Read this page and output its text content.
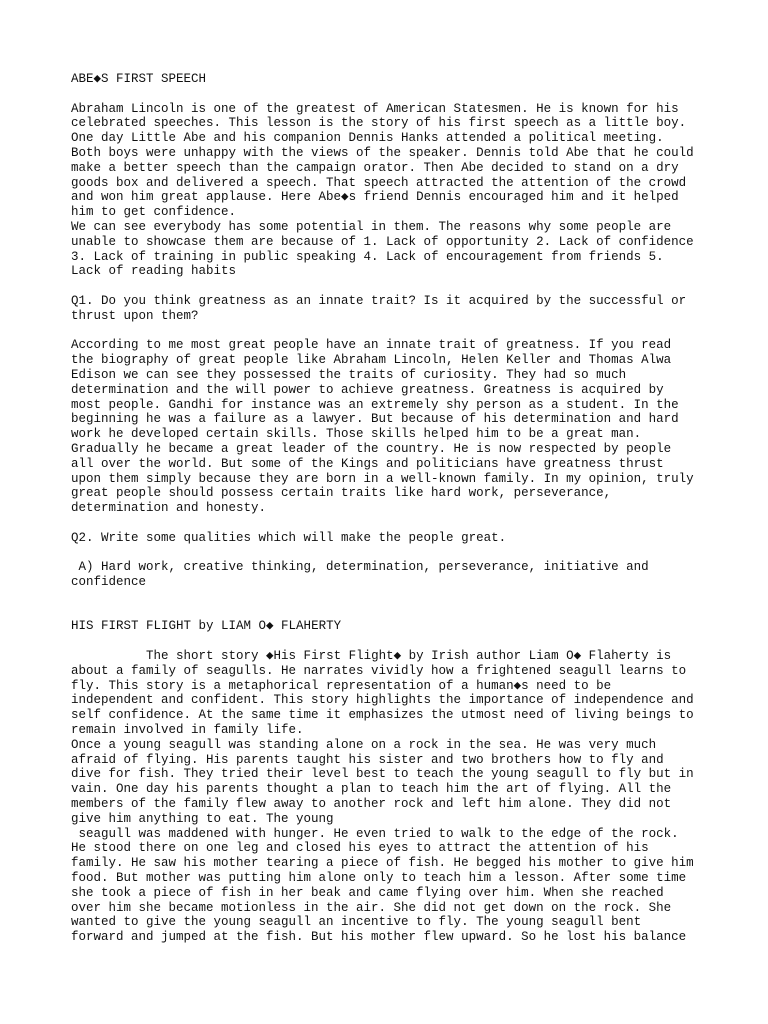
ABE◆S FIRST SPEECH
Abraham Lincoln is one of the greatest of American Statesmen. He is known for his
celebrated speeches. This lesson is the story of his first speech as a little boy.
One day Little Abe and his companion Dennis Hanks attended a political meeting.
Both boys were unhappy with the views of the speaker. Dennis told Abe that he could
make a better speech than the campaign orator. Then Abe decided to stand on a dry
goods box and delivered a speech. That speech attracted the attention of the crowd
and won him great applause. Here Abe◆s friend Dennis encouraged him and it helped
him to get confidence.
We can see everybody has some potential in them. The reasons why some people are
unable to showcase them are because of 1. Lack of opportunity 2. Lack of confidence
3. Lack of training in public speaking 4. Lack of encouragement from friends 5.
Lack of reading habits
Q1. Do you think greatness as an innate trait? Is it acquired by the successful or
thrust upon them?
According to me most great people have an innate trait of greatness. If you read
the biography of great people like Abraham Lincoln, Helen Keller and Thomas Alwa
Edison we can see they possessed the traits of curiosity. They had so much
determination and the will power to achieve greatness. Greatness is acquired by
most people. Gandhi for instance was an extremely shy person as a student. In the
beginning he was a failure as a lawyer. But because of his determination and hard
work he developed certain skills. Those skills helped him to be a great man.
Gradually he became a great leader of the country. He is now respected by people
all over the world. But some of the Kings and politicians have greatness thrust
upon them simply because they are born in a well-known family. In my opinion, truly
great people should possess certain traits like hard work, perseverance,
determination and honesty.
Q2. Write some qualities which will make the people great.
A) Hard work, creative thinking, determination, perseverance, initiative and
confidence
HIS FIRST FLIGHT by LIAM O◆ FLAHERTY
The short story ◆His First Flight◆ by Irish author Liam O◆ Flaherty is
about a family of seagulls. He narrates vividly how a frightened seagull learns to
fly. This story is a metaphorical representation of a human◆s need to be
independent and confident. This story highlights the importance of independence and
self confidence. At the same time it emphasizes the utmost need of living beings to
remain involved in family life.
Once a young seagull was standing alone on a rock in the sea. He was very much
afraid of flying. His parents taught his sister and two brothers how to fly and
dive for fish. They tried their level best to teach the young seagull to fly but in
vain. One day his parents thought a plan to teach him the art of flying. All the
members of the family flew away to another rock and left him alone. They did not
give him anything to eat. The young
seagull was maddened with hunger. He even tried to walk to the edge of the rock.
He stood there on one leg and closed his eyes to attract the attention of his
family. He saw his mother tearing a piece of fish. He begged his mother to give him
food. But mother was putting him alone only to teach him a lesson. After some time
she took a piece of fish in her beak and came flying over him. When she reached
over him she became motionless in the air. She did not get down on the rock. She
wanted to give the young seagull an incentive to fly. The young seagull bent
forward and jumped at the fish. But his mother flew upward. So he lost his balance
